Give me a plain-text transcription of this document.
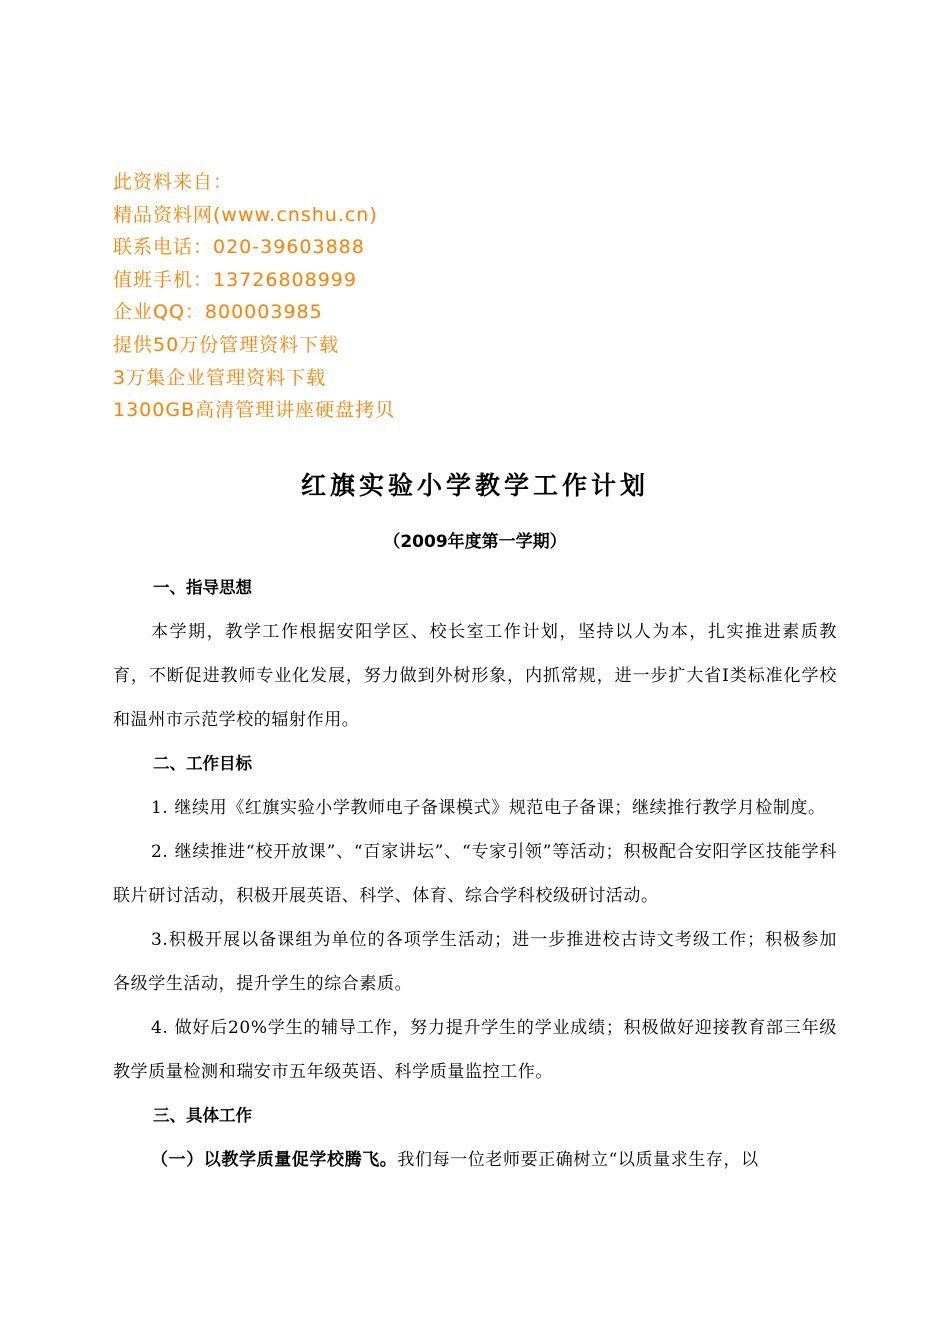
此资料来自：
精品资料网(www.cnshu.cn)
联系电话：020-39603888
值班手机：13726808999
企业QQ：800003985
提供50万份管理资料下载
3万集企业管理资料下载
1300GB高清管理讲座硬盘拷贝
红旗实验小学教学工作计划
（2009年度第一学期）
一、指导思想
本学期，教学工作根据安阳学区、校长室工作计划，坚持以人为本，扎实推进素质教育，不断促进教师专业化发展，努力做到外树形象，内抓常规，进一步扩大省Ⅰ类标准化学校和温州市示范学校的辐射作用。
二、工作目标
1. 继续用《红旗实验小学教师电子备课模式》规范电子备课；继续推行教学月检制度。
2. 继续推进“校开放课”、“百家讲坛”、“专家引领”等活动；积极配合安阳学区技能学科联片研讨活动，积极开展英语、科学、体育、综合学科校级研讨活动。
3.积极开展以备课组为单位的各项学生活动；进一步推进校古诗文考级工作；积极参加各级学生活动，提升学生的综合素质。
4. 做好后20%学生的辅导工作，努力提升学生的学业成绩；积极做好迎接教育部三年级教学质量检测和瑞安市五年级英语、科学质量监控工作。
三、具体工作
（一）以教学质量促学校腾飞。我们每一位老师要正确树立“以质量求生存，以
